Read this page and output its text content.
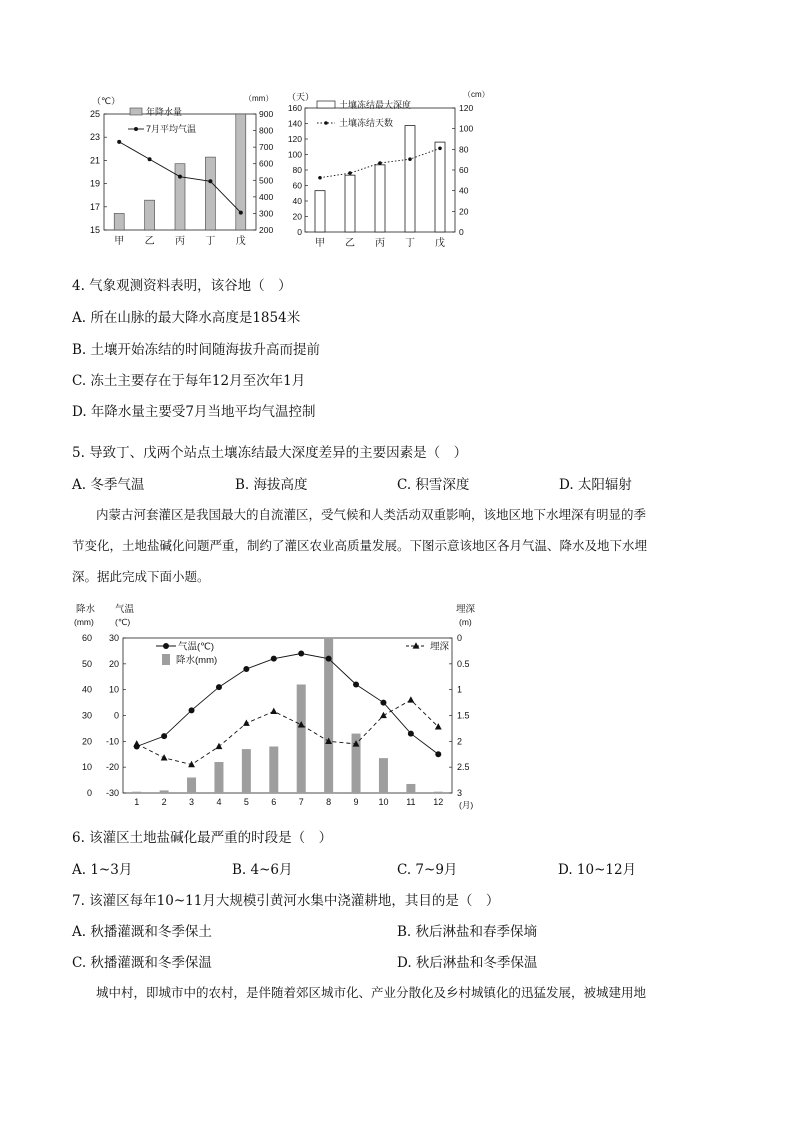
（℃）	（mm）
25
23
21
19
17
15
900
800
700
600
500
400
300
200
甲 乙 丙 丁 戊
年降水量
7月平均气温
（天）	（cm）
160
140
120
100
80
60
40
20
0
120
100
80
60
40
20
0
甲 乙 丙 丁 戊
土壤冻结最大深度
土壤冻结天数
4. 气象观测资料表明，该谷地（　）
A. 所在山脉的最大降水高度是1854米
B. 土壤开始冻结的时间随海拔升高而提前
C. 冻土主要存在于每年12月至次年1月
D. 年降水量主要受7月当地平均气温控制
5. 导致丁、戊两个站点土壤冻结最大深度差异的主要因素是（　）
A. 冬季气温	B. 海拔高度	C. 积雪深度	D. 太阳辐射
内蒙古河套灌区是我国最大的自流灌区，受气候和人类活动双重影响，该地区地下水埋深有明显的季
节变化，土地盐碱化问题严重，制约了灌区农业高质量发展。下图示意该地区各月气温、降水及地下水埋
深。据此完成下面小题。
降水
(mm)
气温
(℃)
埋深
(m)
(月)
60
50
40
30
20
10
0
30
20
10
0
-10
-20
-30
0
0.5
1
1.5
2
2.5
3
1 2 3 4 5 6 7 8 9 10 11 12
气温(℃)
降水(mm)
埋深
6. 该灌区土地盐碱化最严重的时段是（　）
A. 1~3月	B. 4~6月	C. 7~9月	D. 10~12月
7. 该灌区每年10~11月大规模引黄河水集中浇灌耕地，其目的是（　）
A. 秋播灌溉和冬季保土	B. 秋后淋盐和春季保墒
C. 秋播灌溉和冬季保温	D. 秋后淋盐和冬季保温
城中村，即城市中的农村，是伴随着郊区城市化、产业分散化及乡村城镇化的迅猛发展，被城建用地
